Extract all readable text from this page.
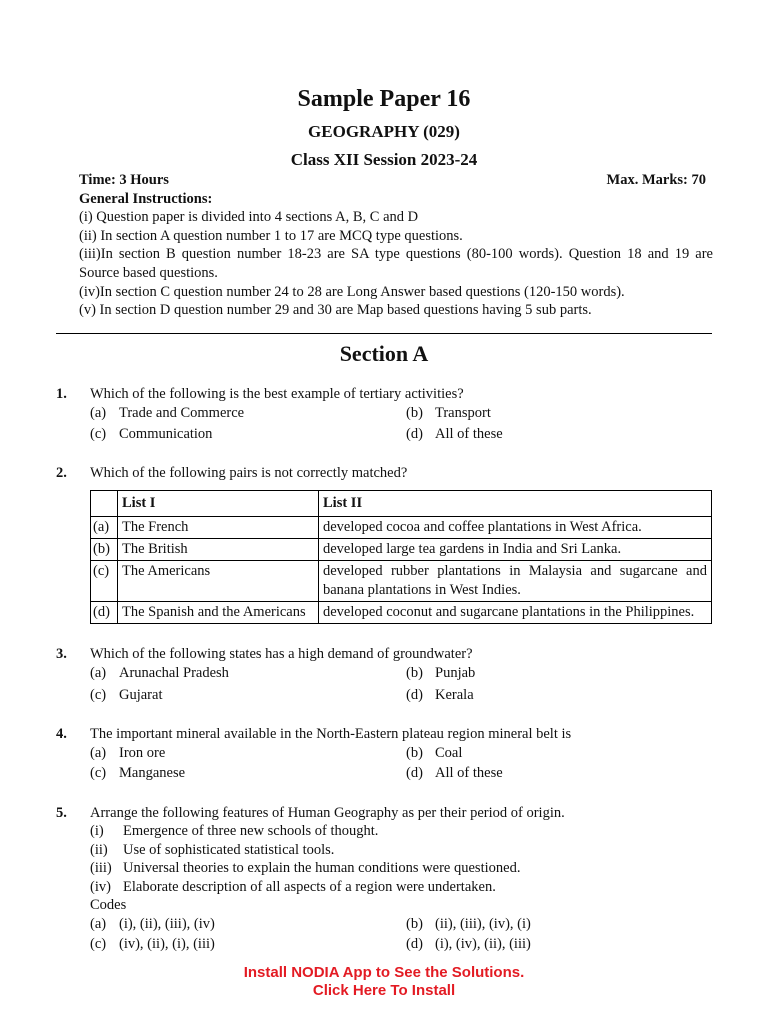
Sample Paper 16
GEOGRAPHY (029)
Class XII Session 2023-24
Time: 3 Hours	Max. Marks: 70
General Instructions:
(i) Question paper is divided into 4 sections A, B, C and D
(ii) In section A question number 1 to 17 are MCQ type questions.
(iii)In section B question number 18-23 are SA type questions (80-100 words). Question 18 and 19 are Source based questions.
(iv)In section C question number 24 to 28 are Long Answer based questions (120-150 words).
(v) In section D question number 29 and 30 are Map based questions having 5 sub parts.
Section A
1. Which of the following is the best example of tertiary activities?
(a) Trade and Commerce	(b) Transport
(c) Communication	(d) All of these
2. Which of the following pairs is not correctly matched?
	List I	List II
(a)	The French	developed cocoa and coffee plantations in West Africa.
(b)	The British	developed large tea gardens in India and Sri Lanka.
(c)	The Americans	developed rubber plantations in Malaysia and sugarcane and banana plantations in West Indies.
(d)	The Spanish and the Americans	developed coconut and sugarcane plantations in the Philippines.
3. Which of the following states has a high demand of groundwater?
(a) Arunachal Pradesh	(b) Punjab
(c) Gujarat	(d) Kerala
4. The important mineral available in the North-Eastern plateau region mineral belt is
(a) Iron ore	(b) Coal
(c) Manganese	(d) All of these
5. Arrange the following features of Human Geography as per their period of origin.
(i) Emergence of three new schools of thought.
(ii) Use of sophisticated statistical tools.
(iii) Universal theories to explain the human conditions were questioned.
(iv) Elaborate description of all aspects of a region were undertaken.
Codes
(a) (i), (ii), (iii), (iv)	(b) (ii), (iii), (iv), (i)
(c) (iv), (ii), (i), (iii)	(d) (i), (iv), (ii), (iii)
Install NODIA App to See the Solutions.
Click Here To Install
